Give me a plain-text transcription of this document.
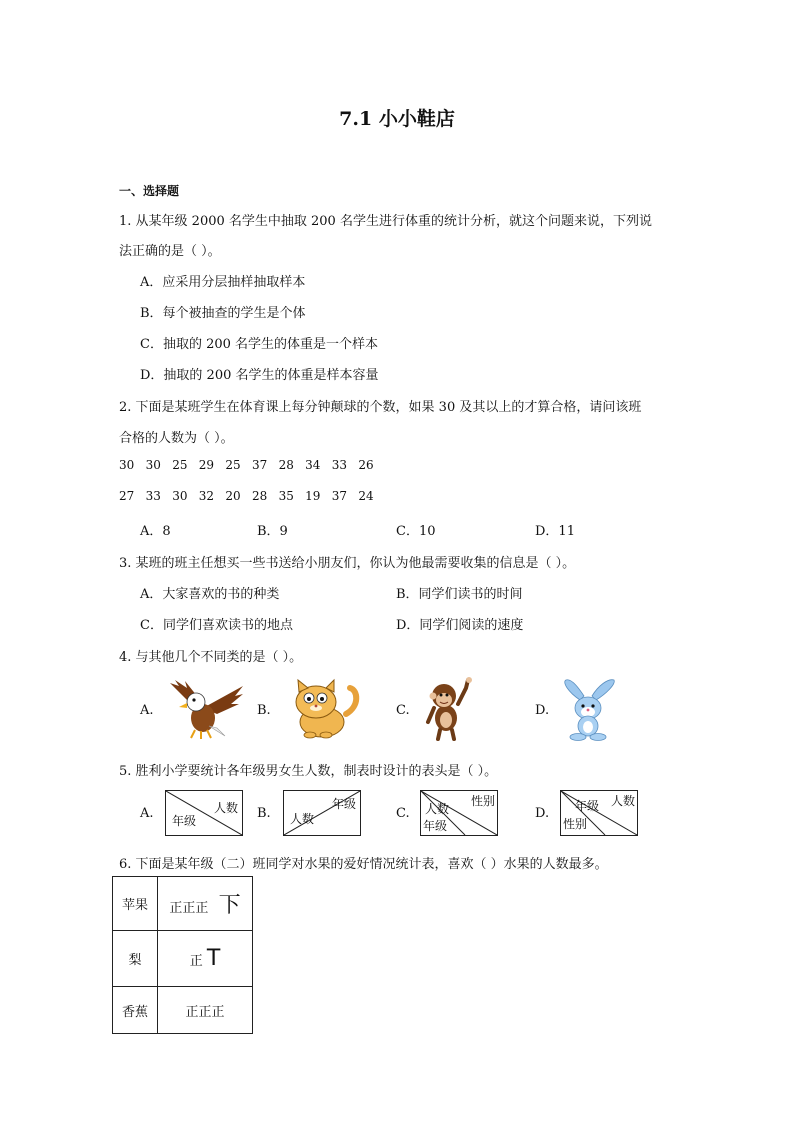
7.1 小小鞋店
一、选择题
1. 从某年级 2000 名学生中抽取 200 名学生进行体重的统计分析，就这个问题来说，下列说
法正确的是（ ）。
A．应采用分层抽样抽取样本
B．每个被抽查的学生是个体
C．抽取的 200 名学生的体重是一个样本
D．抽取的 200 名学生的体重是样本容量
2. 下面是某班学生在体育课上每分钟颠球的个数，如果 30 及其以上的才算合格，请问该班
合格的人数为（ ）。
30 30 25 29 25 37 28 34 33 26
27 33 30 32 20 28 35 19 37 24
A．8	B．9	C．10	D．11
3. 某班的班主任想买一些书送给小朋友们，你认为他最需要收集的信息是（ ）。
A．大家喜欢的书的种类	B．同学们读书的时间
C．同学们喜欢读书的地点	D．同学们阅读的速度
4. 与其他几个不同类的是（ ）。
A.	B.	C.	D.
5. 胜利小学要统计各年级男女生人数，制表时设计的表头是（ ）。
A.	B.	C.	D.
人数
年级
年级
人数
性别
人数
年级
人数
年级
性别
6. 下面是某年级（二）班同学对水果的爱好情况统计表，喜欢（ ）水果的人数最多。
苹果	正正正 下
梨	正 T
香蕉	正正正
